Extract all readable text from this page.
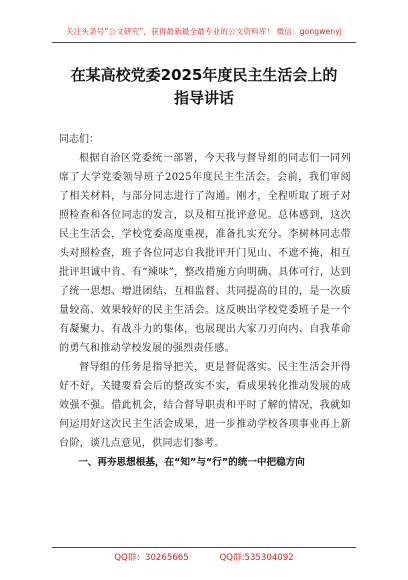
关注头条号“公文研究”，获得最新最全最专业的公文资料库！ 微信：gongwenyj
在某高校党委2025年度民主生活会上的
指导讲话

同志们：

根据自治区党委统一部署，今天我与督导组的同志们一同列席了大学党委领导班子2025年度民主生活会。会前，我们审阅了相关材料，与部分同志进行了沟通。刚才，全程听取了班子对照检查和各位同志的发言，以及相互批评意见。总体感到，这次民主生活会，学校党委高度重视，准备扎实充分。李树林同志带头对照检查，班子各位同志自我批评开门见山、不遮不掩，相互批评坦诚中肯、有“辣味”，整改措施方向明确、具体可行，达到了统一思想、增进团结、互相监督、共同提高的目的，是一次质量较高、效果较好的民主生活会。这反映出学校党委班子是一个有凝聚力、有战斗力的集体，也展现出大家刀刃向内、自我革命的勇气和推动学校发展的强烈责任感。

督导组的任务是指导把关，更是督促落实。民主生活会开得好不好，关键要看会后的整改实不实，看成果转化推动发展的成效强不强。借此机会，结合督导职责和平时了解的情况，我就如何运用好这次民主生活会成果，进一步推动学校各项事业再上新台阶，谈几点意见，供同志们参考。

一、再夯思想根基，在“知”与“行”的统一中把稳方向

QQ群：30265665	QQ群:535304092
